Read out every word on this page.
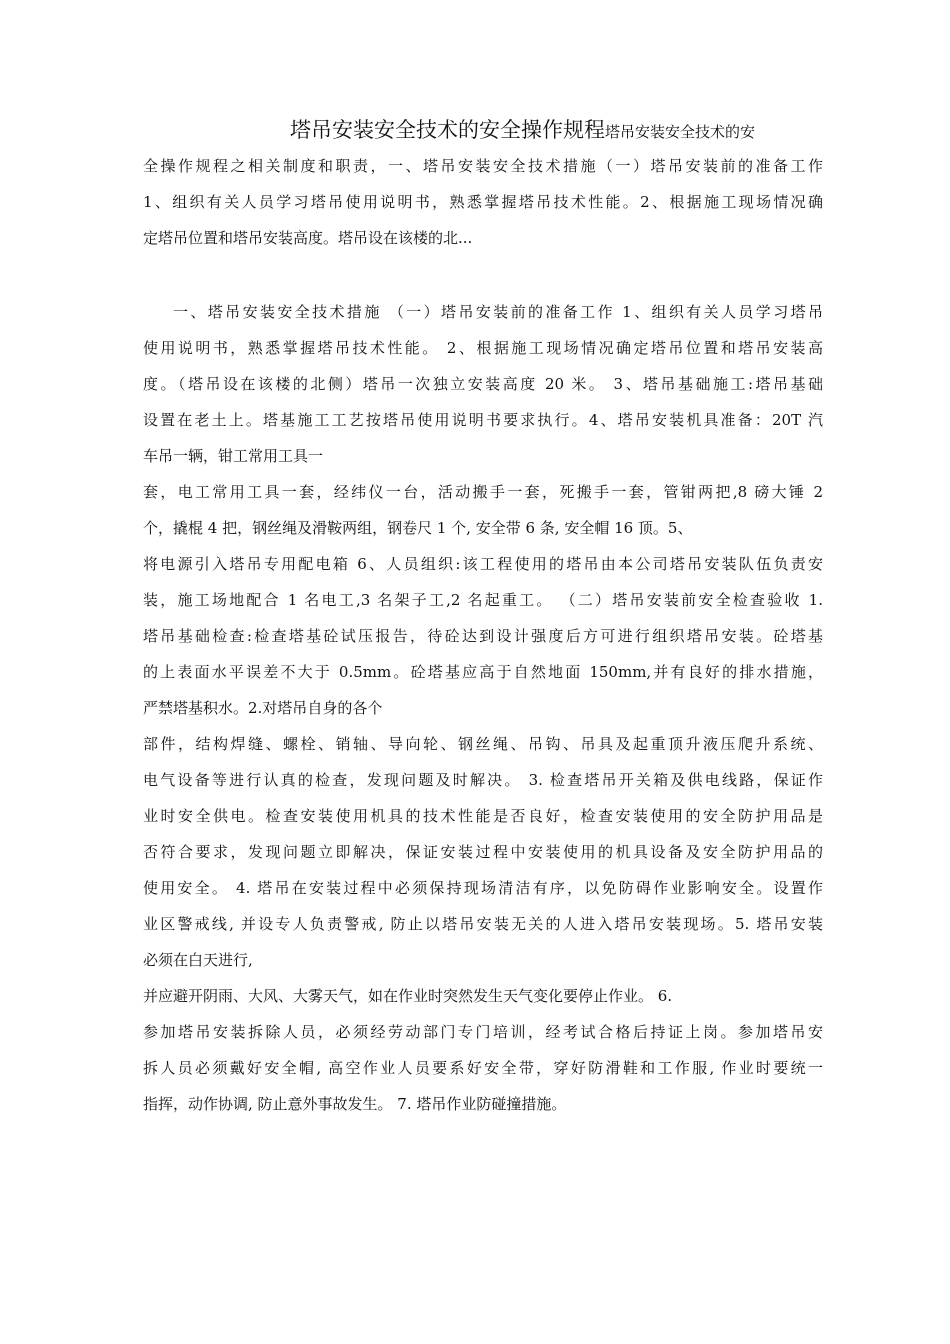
塔吊安装安全技术的安全操作规程塔吊安装安全技术的安
全操作规程之相关制度和职责，一、塔吊安装安全技术措施（一）塔吊安装前的准备工作
1、组织有关人员学习塔吊使用说明书，熟悉掌握塔吊技术性能。2、根据施工现场情况确
定塔吊位置和塔吊安装高度。塔吊设在该楼的北...
一、塔吊安装安全技术措施 （一）塔吊安装前的准备工作 1、组织有关人员学习塔吊
使用说明书，熟悉掌握塔吊技术性能。 2、根据施工现场情况确定塔吊位置和塔吊安装高
度。（塔吊设在该楼的北侧）塔吊一次独立安装高度 20 米。 3、塔吊基础施工:塔吊基础
设置在老土上。塔基施工工艺按塔吊使用说明书要求执行。4、塔吊安装机具准备：20T 汽
车吊一辆，钳工常用工具一
套，电工常用工具一套，经纬仪一台，活动搬手一套，死搬手一套，管钳两把,8 磅大锤 2
个，撬棍 4 把，钢丝绳及滑鞍两组，钢卷尺 1 个, 安全带 6 条, 安全帽 16 顶。5、
将电源引入塔吊专用配电箱 6、人员组织:该工程使用的塔吊由本公司塔吊安装队伍负责安
装，施工场地配合 1 名电工,3 名架子工,2 名起重工。 （二）塔吊安装前安全检查验收 1.
塔吊基础检查:检查塔基砼试压报告，待砼达到设计强度后方可进行组织塔吊安装。砼塔基
的上表面水平误差不大于 0.5mm。砼塔基应高于自然地面 150mm,并有良好的排水措施，
严禁塔基积水。2.对塔吊自身的各个
部件，结构焊缝、螺栓、销轴、导向轮、钢丝绳、吊钩、吊具及起重顶升液压爬升系统、
电气设备等进行认真的检查，发现问题及时解决。 3. 检查塔吊开关箱及供电线路，保证作
业时安全供电。检查安装使用机具的技术性能是否良好，检查安装使用的安全防护用品是
否符合要求，发现问题立即解决，保证安装过程中安装使用的机具设备及安全防护用品的
使用安全。 4. 塔吊在安装过程中必须保持现场清洁有序，以免防碍作业影响安全。设置作
业区警戒线, 并设专人负责警戒, 防止以塔吊安装无关的人进入塔吊安装现场。5. 塔吊安装
必须在白天进行,
并应避开阴雨、大风、大雾天气，如在作业时突然发生天气变化要停止作业。 6.
参加塔吊安装拆除人员，必须经劳动部门专门培训，经考试合格后持证上岗。参加塔吊安
拆人员必须戴好安全帽, 高空作业人员要系好安全带，穿好防滑鞋和工作服, 作业时要统一
指挥，动作协调, 防止意外事故发生。 7. 塔吊作业防碰撞措施。
